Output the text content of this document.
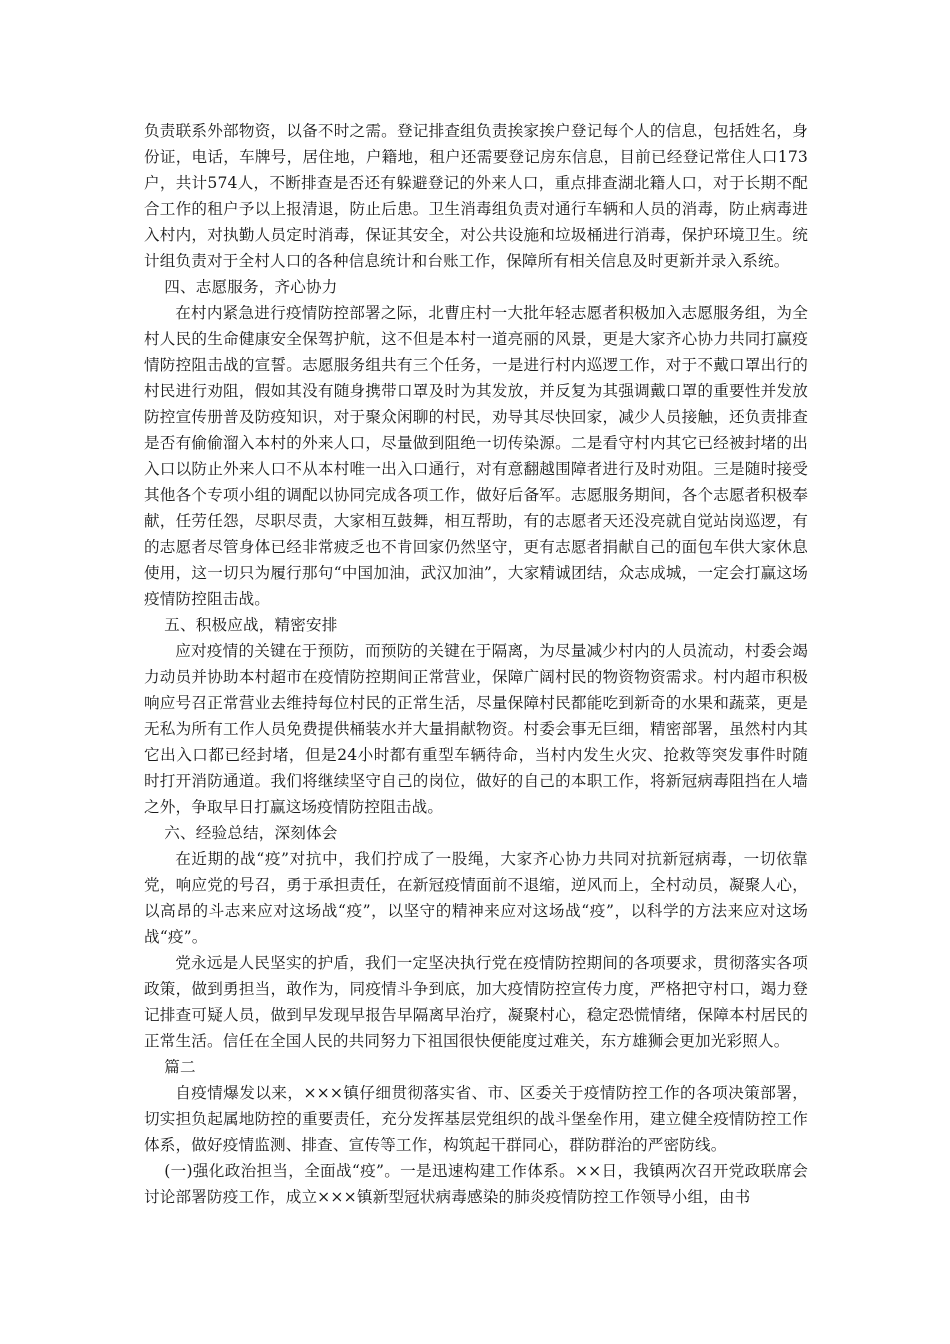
负责联系外部物资，以备不时之需。登记排查组负责挨家挨户登记每个人的信息，包括姓名，身份证，电话，车牌号，居住地，户籍地，租户还需要登记房东信息，目前已经登记常住人口173户，共计574人，不断排查是否还有躲避登记的外来人口，重点排查湖北籍人口，对于长期不配合工作的租户予以上报清退，防止后患。卫生消毒组负责对通行车辆和人员的消毒，防止病毒进入村内，对执勤人员定时消毒，保证其安全，对公共设施和垃圾桶进行消毒，保护环境卫生。统计组负责对于全村人口的各种信息统计和台账工作，保障所有相关信息及时更新并录入系统。

四、志愿服务，齐心协力

在村内紧急进行疫情防控部署之际，北曹庄村一大批年轻志愿者积极加入志愿服务组，为全村人民的生命健康安全保驾护航，这不但是本村一道亮丽的风景，更是大家齐心协力共同打赢疫情防控阻击战的宣誓。志愿服务组共有三个任务，一是进行村内巡逻工作，对于不戴口罩出行的村民进行劝阻，假如其没有随身携带口罩及时为其发放，并反复为其强调戴口罩的重要性并发放防控宣传册普及防疫知识，对于聚众闲聊的村民，劝导其尽快回家，减少人员接触，还负责排查是否有偷偷溜入本村的外来人口，尽量做到阻绝一切传染源。二是看守村内其它已经被封堵的出入口以防止外来人口不从本村唯一出入口通行，对有意翻越围障者进行及时劝阻。三是随时接受其他各个专项小组的调配以协同完成各项工作，做好后备军。志愿服务期间，各个志愿者积极奉献，任劳任怨，尽职尽责，大家相互鼓舞，相互帮助，有的志愿者天还没亮就自觉站岗巡逻，有的志愿者尽管身体已经非常疲乏也不肯回家仍然坚守，更有志愿者捐献自己的面包车供大家休息使用，这一切只为履行那句“中国加油，武汉加油”，大家精诚团结，众志成城，一定会打赢这场疫情防控阻击战。

五、积极应战，精密安排

应对疫情的关键在于预防，而预防的关键在于隔离，为尽量减少村内的人员流动，村委会竭力动员并协助本村超市在疫情防控期间正常营业，保障广阔村民的物资物资需求。村内超市积极响应号召正常营业去维持每位村民的正常生活，尽量保障村民都能吃到新奇的水果和蔬菜，更是无私为所有工作人员免费提供桶装水并大量捐献物资。村委会事无巨细，精密部署，虽然村内其它出入口都已经封堵，但是24小时都有重型车辆待命，当村内发生火灾、抢救等突发事件时随时打开消防通道。我们将继续坚守自己的岗位，做好的自己的本职工作，将新冠病毒阻挡在人墙之外，争取早日打赢这场疫情防控阻击战。

六、经验总结，深刻体会

在近期的战“疫”对抗中，我们拧成了一股绳，大家齐心协力共同对抗新冠病毒，一切依靠党，响应党的号召，勇于承担责任，在新冠疫情面前不退缩，逆风而上，全村动员，凝聚人心，以高昂的斗志来应对这场战“疫”，以坚守的精神来应对这场战“疫”，以科学的方法来应对这场战“疫”。

党永远是人民坚实的护盾，我们一定坚决执行党在疫情防控期间的各项要求，贯彻落实各项政策，做到勇担当，敢作为，同疫情斗争到底，加大疫情防控宣传力度，严格把守村口，竭力登记排查可疑人员，做到早发现早报告早隔离早治疗，凝聚村心，稳定恐慌情绪，保障本村居民的正常生活。信任在全国人民的共同努力下祖国很快便能度过难关，东方雄狮会更加光彩照人。

篇二

自疫情爆发以来，×××镇仔细贯彻落实省、市、区委关于疫情防控工作的各项决策部署，切实担负起属地防控的重要责任，充分发挥基层党组织的战斗堡垒作用，建立健全疫情防控工作体系，做好疫情监测、排查、宣传等工作，构筑起干群同心，群防群治的严密防线。

(一)强化政治担当，全面战“疫”。一是迅速构建工作体系。××日，我镇两次召开党政联席会讨论部署防疫工作，成立×××镇新型冠状病毒感染的肺炎疫情防控工作领导小组，由书
